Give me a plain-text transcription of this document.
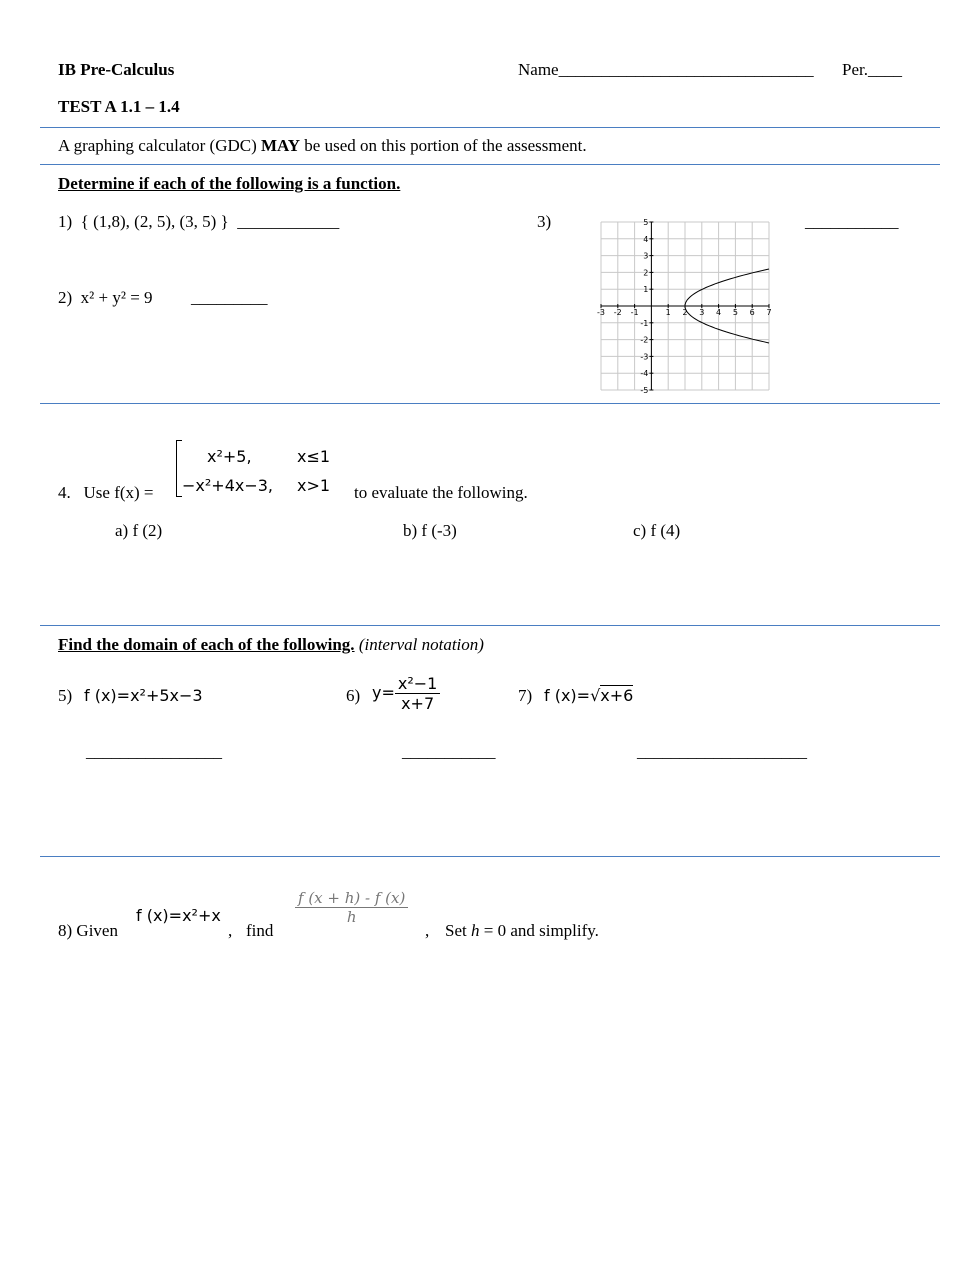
IB Pre-Calculus	Name______________________________ Per.____
TEST A 1.1 – 1.4
A graphing calculator (GDC) MAY be used on this portion of the assessment.
Determine if each of the following is a function.
1) { (1,8), (2, 5), (3, 5) } ____________
2) x² + y² = 9 _________
3)	___________
-3 -2 -1	1 2 3 4 5 6 7
5
4
3
2
1
-1
-2
-3
-4
-5
x²+5,	x≤1
−x²+4x−3, x>1
4. Use f(x) =	to evaluate the following.
a) f (2)	b) f (-3)	c) f (4)
Find the domain of each of the following. (interval notation)
5) f (x)=x²+5x−3	6) $y= \frac{\text{x²−1}}{x+7}$	7) f (x)=√x+6
________________	___________	____________________
8) Given
f (x)=x²+x
, find
$\frac{f (x + h) - f (x)}{h}$
, Set h = 0 and simplify.
